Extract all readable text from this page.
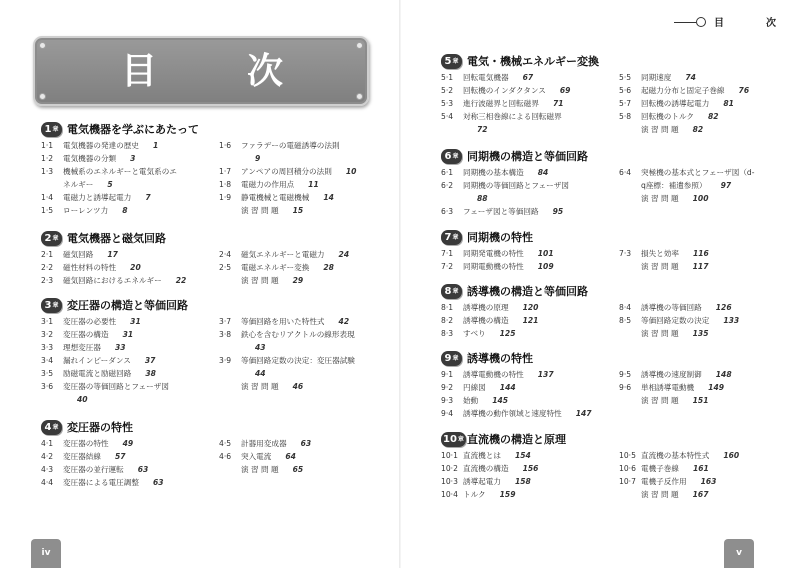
目 次
1章 電気機器を学ぶにあたって
1·1 電気機器の発達の歴史 1
1·2 電気機器の分類 3
1·3 機械系のエネルギーと電気系のエ
ネルギー 5
1·4 電磁力と誘導起電力 7
1·5 ローレンツ力 8
1·6 ファラデーの電磁誘導の法則
9
1·7 アンペアの周回積分の法則 10
1·8 電磁力の作用点 11
1·9 静電機械と電磁機械 14
演 習 問 題 15
2章 電気機器と磁気回路
2·1 磁気回路 17
2·2 磁性材料の特性 20
2·3 磁気回路におけるエネルギー 22
2·4 磁気エネルギーと電磁力 24
2·5 電磁エネルギー変換 28
演 習 問 題 29
3章 変圧器の構造と等価回路
3·1 変圧器の必要性 31
3·2 変圧器の構造 31
3·3 理想変圧器 33
3·4 漏れインピーダンス 37
3·5 励磁電流と励磁回路 38
3·6 変圧器の等価回路とフェーザ図
40
3·7 等価回路を用いた特性式 42
3·8 鉄心を含むリアクトルの線形表現
43
3·9 等価回路定数の決定：変圧器試験
44
演 習 問 題 46
4章 変圧器の特性
4·1 変圧器の特性 49
4·2 変圧器結線 57
4·3 変圧器の並行運転 63
4·4 変圧器による電圧調整 63
4·5 計器用変成器 63
4·6 突入電流 64
演 習 問 題 65
iv
目	次
5章 電気・機械エネルギー変換
5·1 回転電気機器 67
5·2 回転機のインダクタンス 69
5·3 進行波磁界と回転磁界 71
5·4 対称三相巻線による回転磁界
72
5·5 同期速度 74
5·6 起磁力分布と固定子巻線 76
5·7 回転機の誘導起電力 81
5·8 回転機のトルク 82
演 習 問 題 82
6章 同期機の構造と等価回路
6·1 同期機の基本構造 84
6·2 同期機の等価回路とフェーザ図
88
6·3 フェーザ図と等価回路 95
6·4 突極機の基本式とフェーザ図（d-
q座標：補遺参照） 97
演 習 問 題 100
7章 同期機の特性
7·1 同期発電機の特性 101
7·2 同期電動機の特性 109
7·3 損失と効率 116
演 習 問 題 117
8章 誘導機の構造と等価回路
8·1 誘導機の原理 120
8·2 誘導機の構造 121
8·3 すべり 125
8·4 誘導機の等価回路 126
8·5 等価回路定数の決定 133
演 習 問 題 135
9章 誘導機の特性
9·1 誘導電動機の特性 137
9·2 円線図 144
9·3 始動 145
9·4 誘導機の動作領域と速度特性 147
9·5 誘導機の速度制御 148
9·6 単相誘導電動機 149
演 習 問 題 151
10章 直流機の構造と原理
10·1 直流機とは 154
10·2 直流機の構造 156
10·3 誘導起電力 158
10·4 トルク 159
10·5 直流機の基本特性式 160
10·6 電機子巻線 161
10·7 電機子反作用 163
演 習 問 題 167
v
